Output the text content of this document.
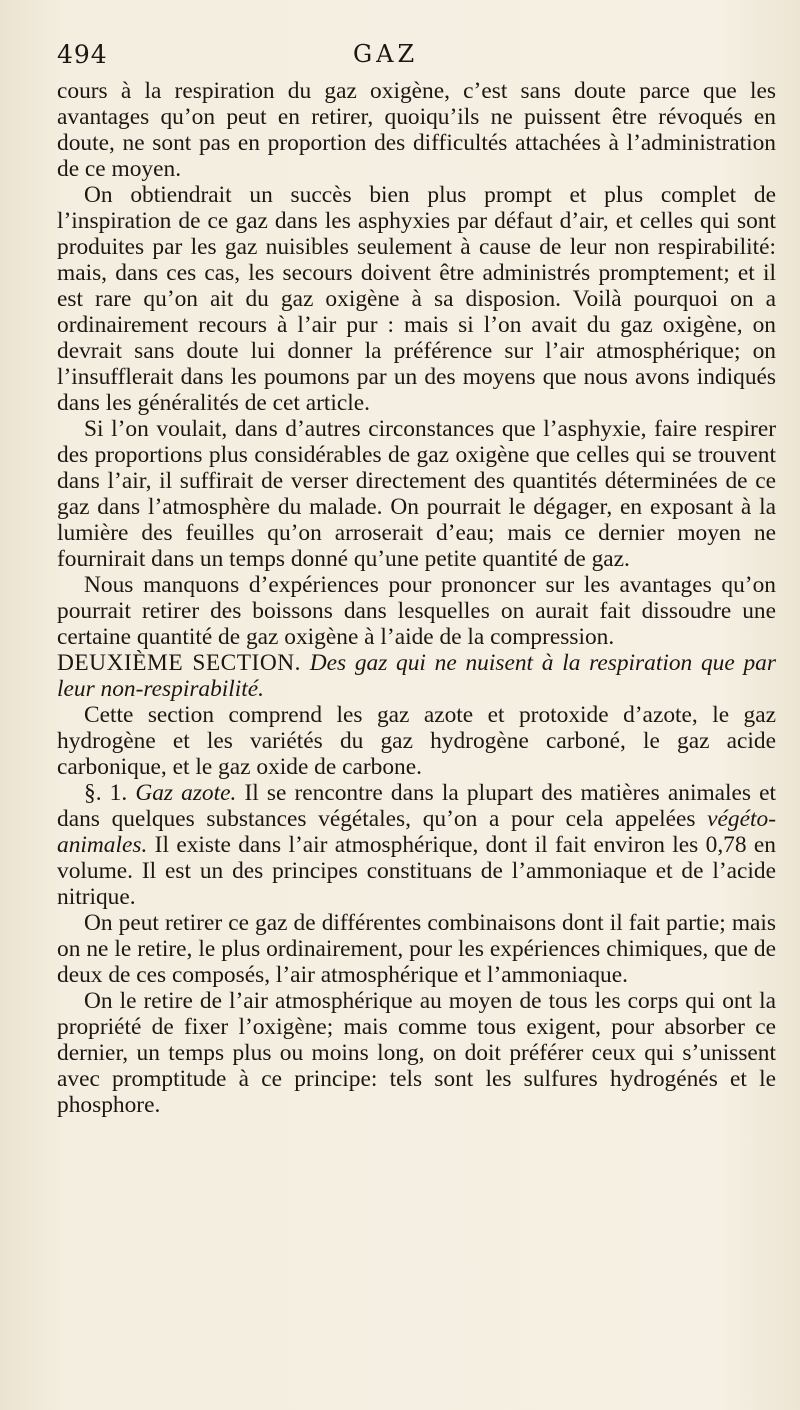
494	GAZ

cours à la respiration du gaz oxigène, c’est sans doute parce que les avantages qu’on peut en retirer, quoiqu’ils ne puissent être révoqués en doute, ne sont pas en proportion des difficultés attachées à l’administration de ce moyen.

On obtiendrait un succès bien plus prompt et plus complet de l’inspiration de ce gaz dans les asphyxies par défaut d’air, et celles qui sont produites par les gaz nuisibles seulement à cause de leur non respirabilité: mais, dans ces cas, les secours doivent être administrés promptement; et il est rare qu’on ait du gaz oxigène à sa disposion. Voilà pourquoi on a ordinairement recours à l’air pur : mais si l’on avait du gaz oxigène, on devrait sans doute lui donner la préférence sur l’air atmosphérique; on l’insufflerait dans les poumons par un des moyens que nous avons indiqués dans les généralités de cet article.

Si l’on voulait, dans d’autres circonstances que l’asphyxie, faire respirer des proportions plus considérables de gaz oxigène que celles qui se trouvent dans l’air, il suffirait de verser directement des quantités déterminées de ce gaz dans l’atmosphère du malade. On pourrait le dégager, en exposant à la lumière des feuilles qu’on arroserait d’eau; mais ce dernier moyen ne fournirait dans un temps donné qu’une petite quantité de gaz.

Nous manquons d’expériences pour prononcer sur les avantages qu’on pourrait retirer des boissons dans lesquelles on aurait fait dissoudre une certaine quantité de gaz oxigène à l’aide de la compression.

DEUXIÈME SECTION. Des gaz qui ne nuisent à la respiration que par leur non-respirabilité.

Cette section comprend les gaz azote et protoxide d’azote, le gaz hydrogène et les variétés du gaz hydrogène carboné, le gaz acide carbonique, et le gaz oxide de carbone.

§. 1. Gaz azote. Il se rencontre dans la plupart des matières animales et dans quelques substances végétales, qu’on a pour cela appelées végéto-animales. Il existe dans l’air atmosphérique, dont il fait environ les 0,78 en volume. Il est un des principes constituans de l’ammoniaque et de l’acide nitrique.

On peut retirer ce gaz de différentes combinaisons dont il fait partie; mais on ne le retire, le plus ordinairement, pour les expériences chimiques, que de deux de ces composés, l’air atmosphérique et l’ammoniaque.

On le retire de l’air atmosphérique au moyen de tous les corps qui ont la propriété de fixer l’oxigène; mais comme tous exigent, pour absorber ce dernier, un temps plus ou moins long, on doit préférer ceux qui s’unissent avec promptitude à ce principe: tels sont les sulfures hydrogénés et le phosphore.
